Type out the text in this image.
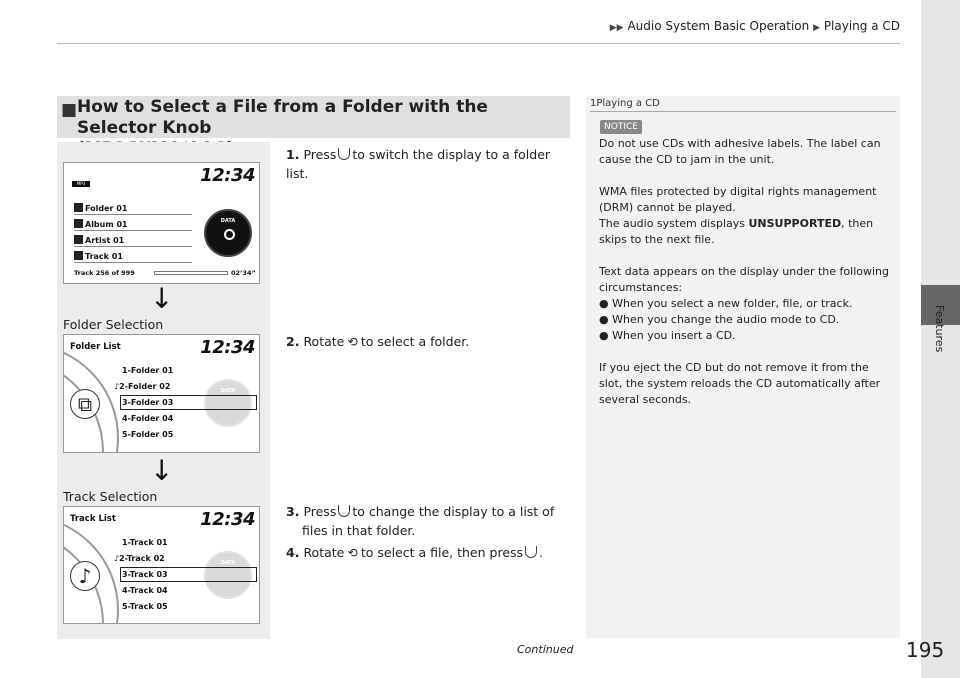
▶▶ Audio System Basic Operation ▶ Playing a CD
Features
■ How to Select a File from a Folder with the Selector Knob
12:34
MP3
Folder 01
Album 01
Artist 01
Track 01
DATA
Track 256 of 999	02’34”
↓
Folder Selection
12:34
Folder List
⧉
DATA
1-Folder 01
♪2-Folder 02
3-Folder 03
4-Folder 04
5-Folder 05
↓
Track Selection
12:34
Track List
♪
DATA
1-Track 01
♪2-Track 02
3-Track 03
4-Track 04
5-Track 05
1. Press to switch the display to a folder list.
2. Rotate ⟲ to select a folder.
3. Press to change the display to a list of files in that folder.
4. Rotate ⟲ to select a file, then press .
1Playing a CD
NOTICE

Do not use CDs with adhesive labels. The label can cause the CD to jam in the unit.

WMA files protected by digital rights management (DRM) cannot be played.

The audio system displays UNSUPPORTED, then skips to the next file.

Text data appears on the display under the following circumstances:

● When you select a new folder, file, or track.
● When you change the audio mode to CD.
● When you insert a CD.

If you eject the CD but do not remove it from the slot, the system reloads the CD automatically after several seconds.

Continued	195
